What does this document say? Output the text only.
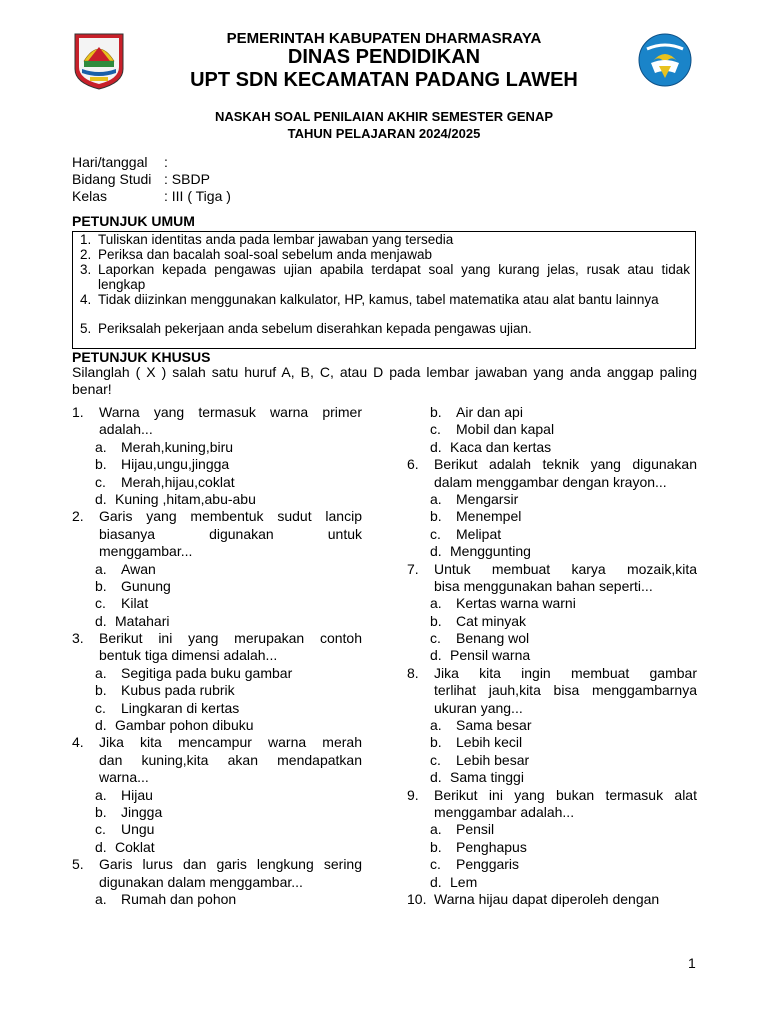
PEMERINTAH KABUPATEN DHARMASRAYA
DINAS PENDIDIKAN
UPT SDN KECAMATAN PADANG LAWEH
NASKAH SOAL PENILAIAN AKHIR SEMESTER GENAP
TAHUN PELAJARAN 2024/2025
Hari/tanggal :
Bidang Studi : SBDP
Kelas	: III ( Tiga )
PETUNJUK UMUM
1. Tuliskan identitas anda pada lembar jawaban yang tersedia
2. Periksa dan bacalah soal-soal sebelum anda menjawab
3. Laporkan kepada pengawas ujian apabila terdapat soal yang kurang jelas, rusak atau tidak lengkap
4. Tidak diizinkan menggunakan kalkulator, HP, kamus, tabel matematika atau alat bantu lainnya
5. Periksalah pekerjaan anda sebelum diserahkan kepada pengawas ujian.
PETUNJUK KHUSUS
Silanglah ( X ) salah satu huruf A, B, C, atau D pada lembar jawaban yang anda anggap paling benar!
1.	Warna yang termasuk warna primer
adalah...
a. Merah,kuning,biru
b. Hijau,ungu,jingga
c. Merah,hijau,coklat
d. Kuning ,hitam,abu-abu
2.	Garis yang membentuk sudut lancip
biasanya digunakan untuk
menggambar...
a. Awan
b. Gunung
c. Kilat
d. Matahari
3.	Berikut ini yang merupakan contoh
bentuk tiga dimensi adalah...
a. Segitiga pada buku gambar
b. Kubus pada rubrik
c. Lingkaran di kertas
d. Gambar pohon dibuku
4.	Jika kita mencampur warna merah
dan kuning,kita akan mendapatkan
warna...
a. Hijau
b. Jingga
c. Ungu
d. Coklat
5.	Garis lurus dan garis lengkung sering
digunakan dalam menggambar...
a. Rumah dan pohon
b. Air dan api
c. Mobil dan kapal
d. Kaca dan kertas
6.	Berikut adalah teknik yang digunakan
dalam menggambar dengan krayon...
a. Mengarsir
b. Menempel
c. Melipat
d. Menggunting
7.	Untuk membuat karya mozaik,kita
bisa menggunakan bahan seperti...
a. Kertas warna warni
b. Cat minyak
c. Benang wol
d. Pensil warna
8.	Jika kita ingin membuat gambar
terlihat jauh,kita bisa menggambarnya
ukuran yang...
a. Sama besar
b. Lebih kecil
c. Lebih besar
d. Sama tinggi
9.	Berikut ini yang bukan termasuk alat
menggambar adalah...
a. Pensil
b. Penghapus
c. Penggaris
d. Lem
10. Warna hijau dapat diperoleh dengan
1
